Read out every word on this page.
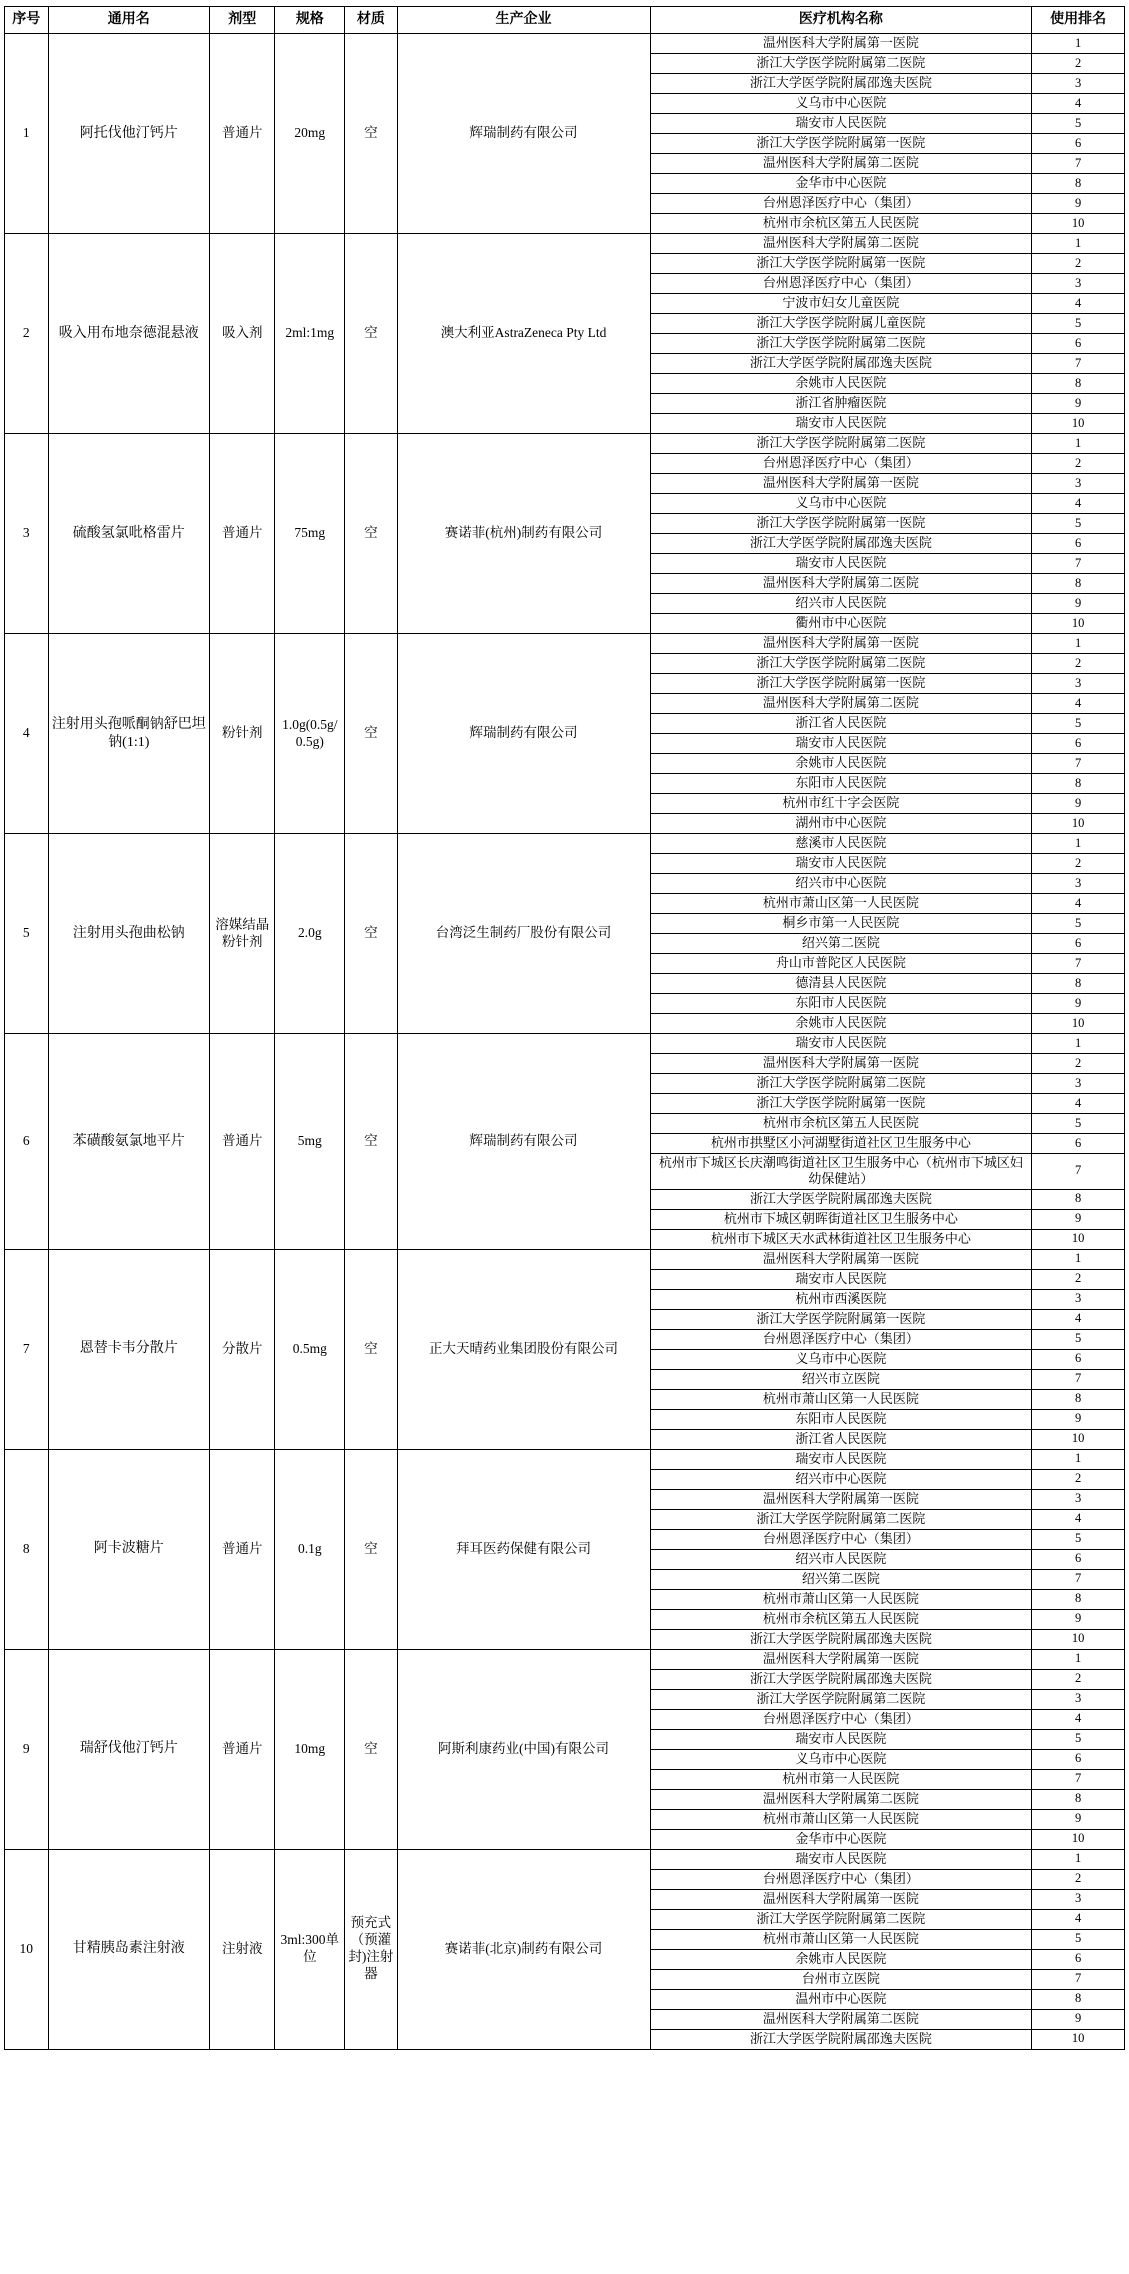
序号	通用名	剂型	规格	材质	生产企业	医疗机构名称	使用排名
1	阿托伐他汀钙片	普通片	20mg	空	辉瑞制药有限公司	温州医科大学附属第一医院	1
						浙江大学医学院附属第二医院	2
						浙江大学医学院附属邵逸夫医院	3
						义乌市中心医院	4
						瑞安市人民医院	5
						浙江大学医学院附属第一医院	6
						温州医科大学附属第二医院	7
						金华市中心医院	8
						台州恩泽医疗中心（集团）	9
						杭州市余杭区第五人民医院	10
2	吸入用布地奈德混悬液	吸入剂	2ml:1mg	空	澳大利亚AstraZeneca Pty Ltd	温州医科大学附属第二医院	1
						浙江大学医学院附属第一医院	2
						台州恩泽医疗中心（集团）	3
						宁波市妇女儿童医院	4
						浙江大学医学院附属儿童医院	5
						浙江大学医学院附属第二医院	6
						浙江大学医学院附属邵逸夫医院	7
						余姚市人民医院	8
						浙江省肿瘤医院	9
						瑞安市人民医院	10
3	硫酸氢氯吡格雷片	普通片	75mg	空	赛诺菲(杭州)制药有限公司	浙江大学医学院附属第二医院	1
						台州恩泽医疗中心（集团）	2
						温州医科大学附属第一医院	3
						义乌市中心医院	4
						浙江大学医学院附属第一医院	5
						浙江大学医学院附属邵逸夫医院	6
						瑞安市人民医院	7
						温州医科大学附属第二医院	8
						绍兴市人民医院	9
						衢州市中心医院	10
4	注射用头孢哌酮钠舒巴坦钠(1:1)	粉针剂	1.0g(0.5g/0.5g)	空	辉瑞制药有限公司	温州医科大学附属第一医院	1
						浙江大学医学院附属第二医院	2
						浙江大学医学院附属第一医院	3
						温州医科大学附属第二医院	4
						浙江省人民医院	5
						瑞安市人民医院	6
						余姚市人民医院	7
						东阳市人民医院	8
						杭州市红十字会医院	9
						湖州市中心医院	10
5	注射用头孢曲松钠	溶媒结晶粉针剂	2.0g	空	台湾泛生制药厂股份有限公司	慈溪市人民医院	1
						瑞安市人民医院	2
						绍兴市中心医院	3
						杭州市萧山区第一人民医院	4
						桐乡市第一人民医院	5
						绍兴第二医院	6
						舟山市普陀区人民医院	7
						德清县人民医院	8
						东阳市人民医院	9
						余姚市人民医院	10
6	苯磺酸氨氯地平片	普通片	5mg	空	辉瑞制药有限公司	瑞安市人民医院	1
						温州医科大学附属第一医院	2
						浙江大学医学院附属第二医院	3
						浙江大学医学院附属第一医院	4
						杭州市余杭区第五人民医院	5
						杭州市拱墅区小河湖墅街道社区卫生服务中心	6
						杭州市下城区长庆潮鸣街道社区卫生服务中心（杭州市下城区妇幼保健站）	7
						浙江大学医学院附属邵逸夫医院	8
						杭州市下城区朝晖街道社区卫生服务中心	9
						杭州市下城区天水武林街道社区卫生服务中心	10
7	恩替卡韦分散片	分散片	0.5mg	空	正大天晴药业集团股份有限公司	温州医科大学附属第一医院	1
						瑞安市人民医院	2
						杭州市西溪医院	3
						浙江大学医学院附属第一医院	4
						台州恩泽医疗中心（集团）	5
						义乌市中心医院	6
						绍兴市立医院	7
						杭州市萧山区第一人民医院	8
						东阳市人民医院	9
						浙江省人民医院	10
8	阿卡波糖片	普通片	0.1g	空	拜耳医药保健有限公司	瑞安市人民医院	1
						绍兴市中心医院	2
						温州医科大学附属第一医院	3
						浙江大学医学院附属第二医院	4
						台州恩泽医疗中心（集团）	5
						绍兴市人民医院	6
						绍兴第二医院	7
						杭州市萧山区第一人民医院	8
						杭州市余杭区第五人民医院	9
						浙江大学医学院附属邵逸夫医院	10
9	瑞舒伐他汀钙片	普通片	10mg	空	阿斯利康药业(中国)有限公司	温州医科大学附属第一医院	1
						浙江大学医学院附属邵逸夫医院	2
						浙江大学医学院附属第二医院	3
						台州恩泽医疗中心（集团）	4
						瑞安市人民医院	5
						义乌市中心医院	6
						杭州市第一人民医院	7
						温州医科大学附属第二医院	8
						杭州市萧山区第一人民医院	9
						金华市中心医院	10
10	甘精胰岛素注射液	注射液	3ml:300单位	预充式（预灌封)注射器	赛诺菲(北京)制药有限公司	瑞安市人民医院	1
						台州恩泽医疗中心（集团）	2
						温州医科大学附属第一医院	3
						浙江大学医学院附属第二医院	4
						杭州市萧山区第一人民医院	5
						余姚市人民医院	6
						台州市立医院	7
						温州市中心医院	8
						温州医科大学附属第二医院	9
						浙江大学医学院附属邵逸夫医院	10
